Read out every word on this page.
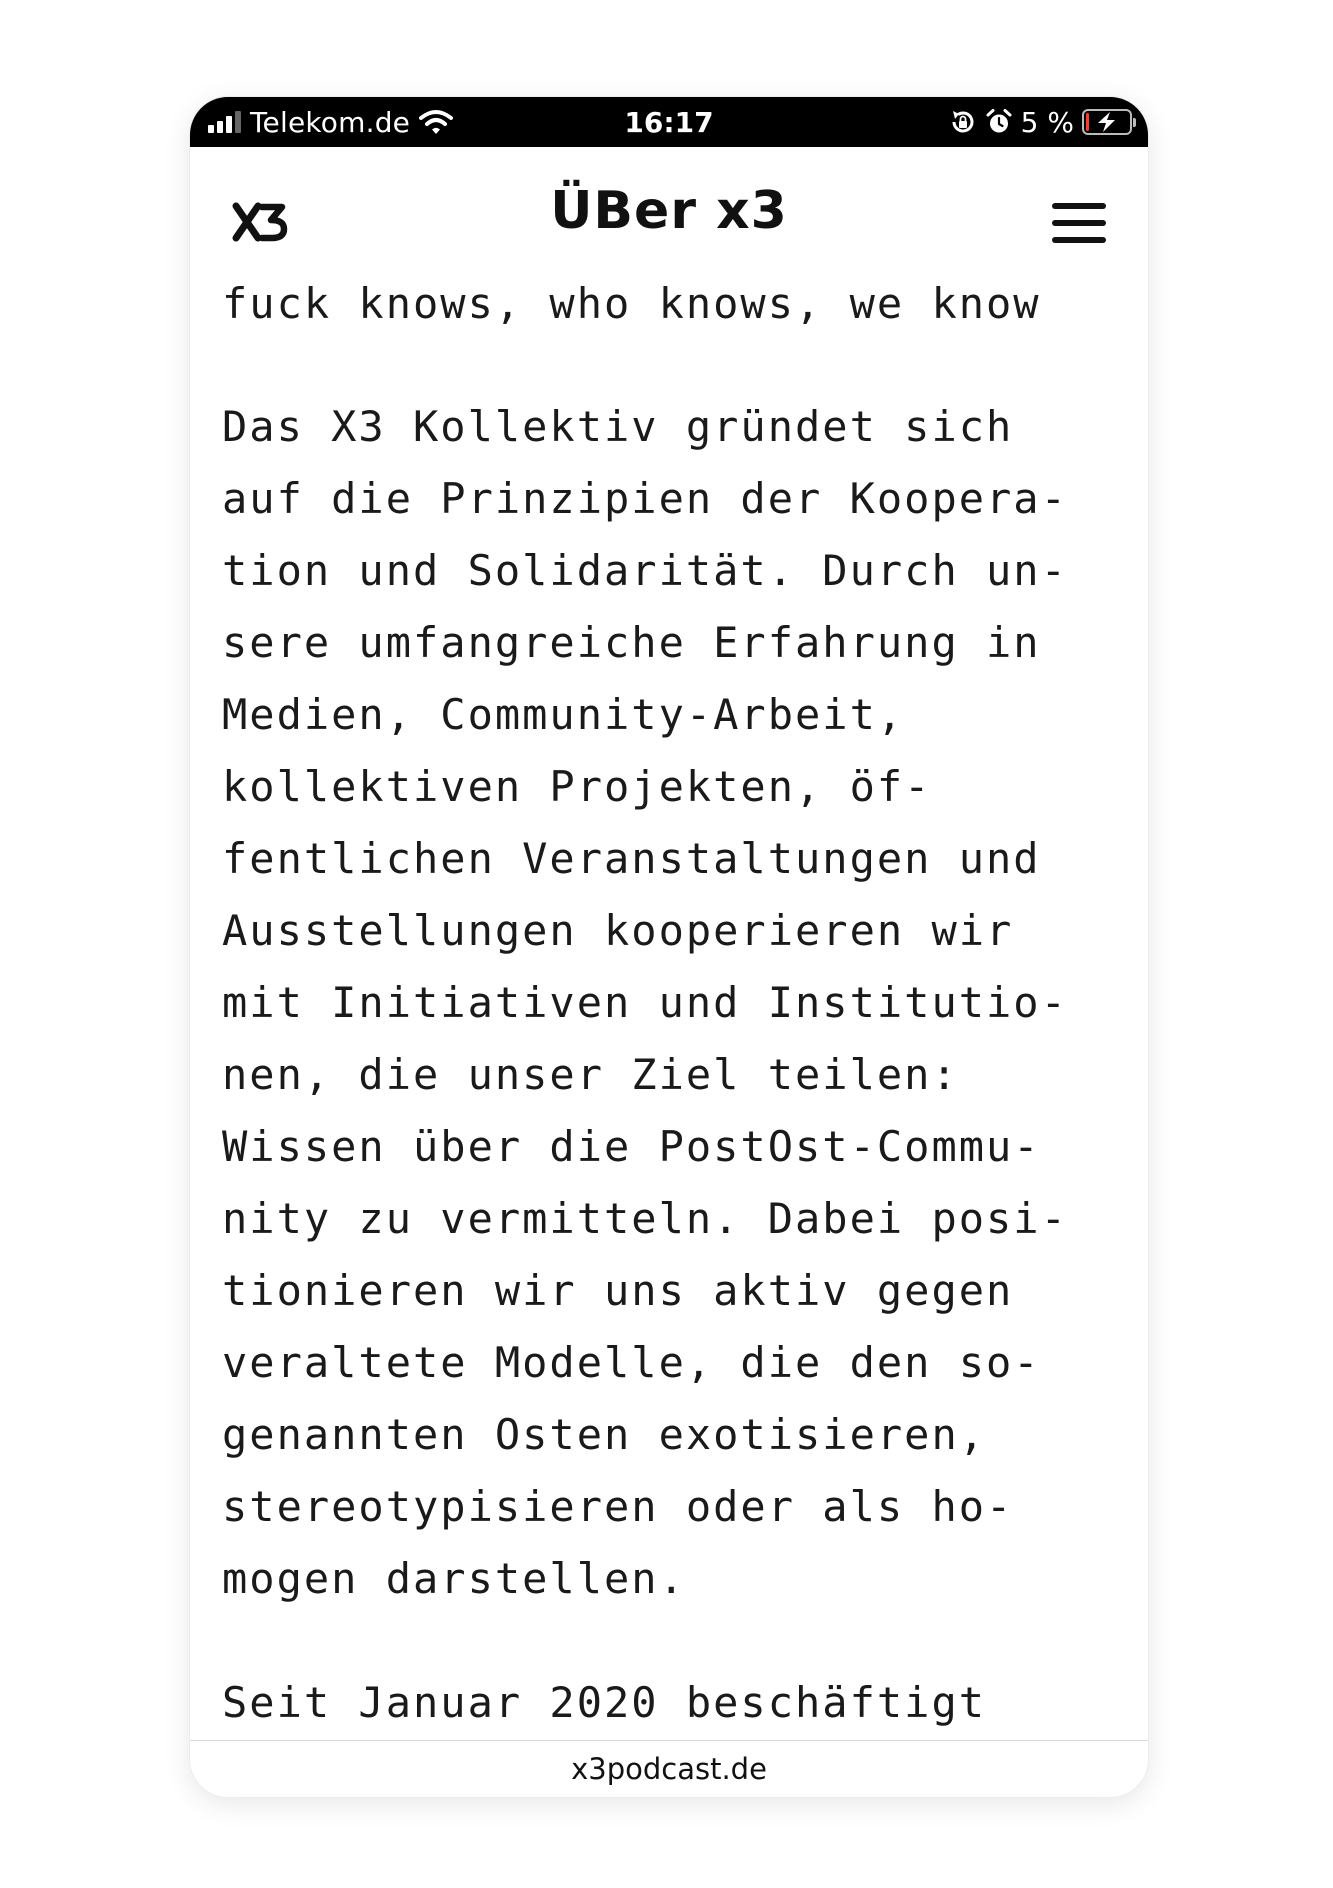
Telekom.de	16:17	5 %
ÜBer x3

fuck knows, who knows, we know

Das X3 Kollektiv gründet sich
auf die Prinzipien der Koopera-
tion und Solidarität. Durch un-
sere umfangreiche Erfahrung in
Medien, Community-Arbeit,
kollektiven Projekten, öf-
fentlichen Veranstaltungen und
Ausstellungen kooperieren wir
mit Initiativen und Institutio-
nen, die unser Ziel teilen:
Wissen über die PostOst-Commu-
nity zu vermitteln. Dabei posi-
tionieren wir uns aktiv gegen
veraltete Modelle, die den so-
genannten Osten exotisieren,
stereotypisieren oder als ho-
mogen darstellen.

Seit Januar 2020 beschäftigt

x3podcast.de
